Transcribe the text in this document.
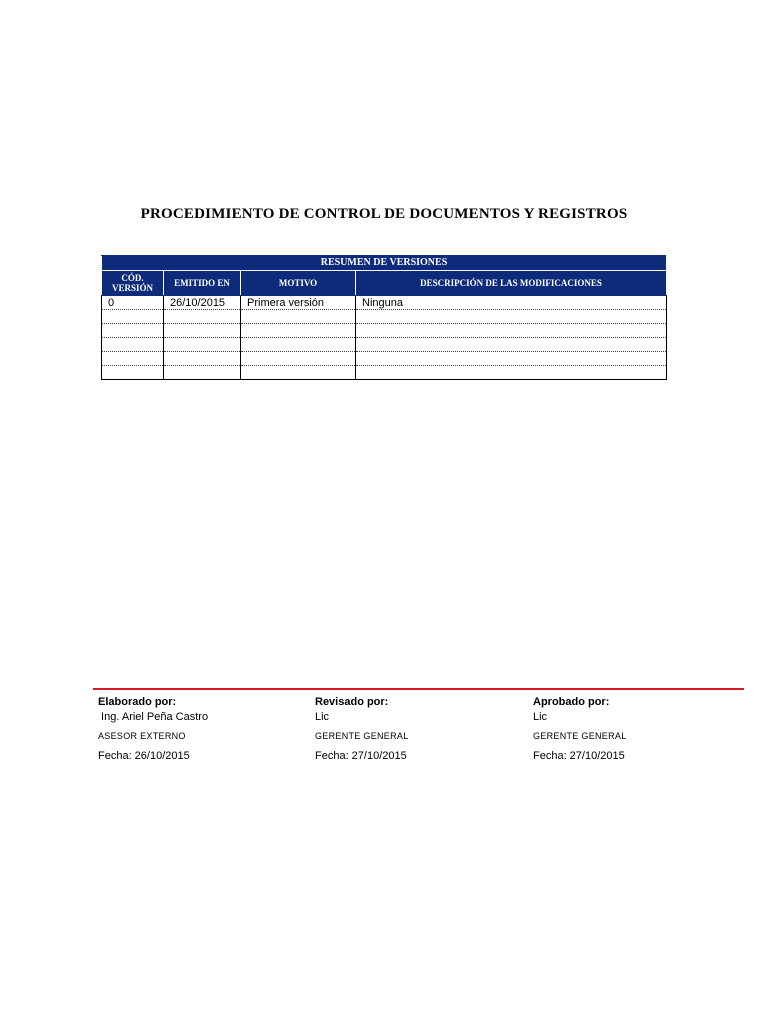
PROCEDIMIENTO DE CONTROL DE DOCUMENTOS Y REGISTROS
RESUMEN DE VERSIONES			
CÓD. VERSIÓN	EMITIDO EN	MOTIVO	DESCRIPCIÓN DE LAS MODIFICACIONES
0	26/10/2015	Primera versión	Ninguna

Elaborado por:
Ing. Ariel Peña Castro
ASESOR EXTERNO
Fecha: 26/10/2015
Revisado por:
Lic
GERENTE GENERAL
Fecha: 27/10/2015
Aprobado por:
Lic
GERENTE GENERAL
Fecha: 27/10/2015
